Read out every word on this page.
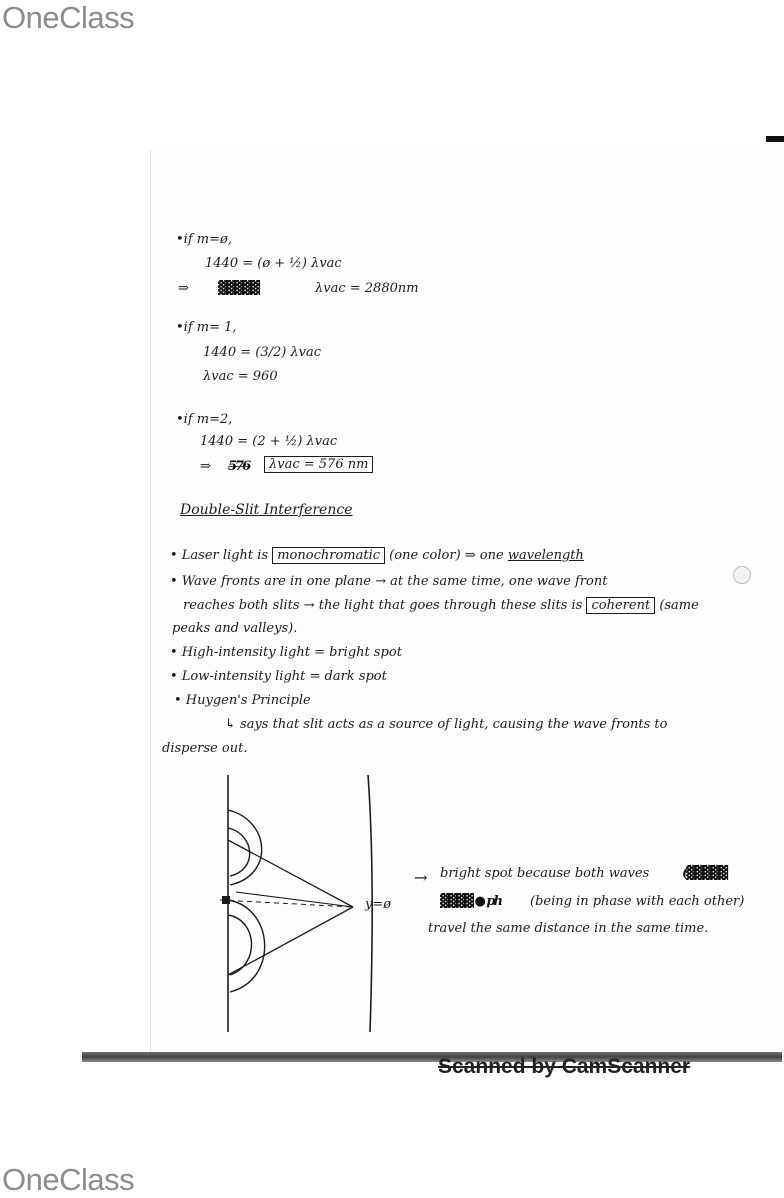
OneClass
•if m=ø,
1440 = (ø + ½) λvac
⇒ ▓▓▓▓▓	λvac = 2880nm
•if m= 1,
1440 = (3/2) λvac
λvac = 960
•if m=2,
1440 = (2 + ½) λvac
⇒ 5̶7̶6̶	λvac = 576 nm
Double-Slit Interference
• Laser light is monochromatic (one color) ⇒ one wavelength
• Wave fronts are in one plane → at the same time, one wave front
reaches both slits → the light that goes through these slits is coherent (same
peaks and valleys).
• High-intensity light = bright spot
• Low-intensity light = dark spot
• Huygen's Principle
↳ says that slit acts as a source of light, causing the wave fronts to
disperse out.
y=ø
→ bright spot because both waves	(▓▓▓▓▓
▓▓▓▓ ● ph (being in phase with each other)
travel the same distance in the same time.
Scanned by CamScanner
OneClass
